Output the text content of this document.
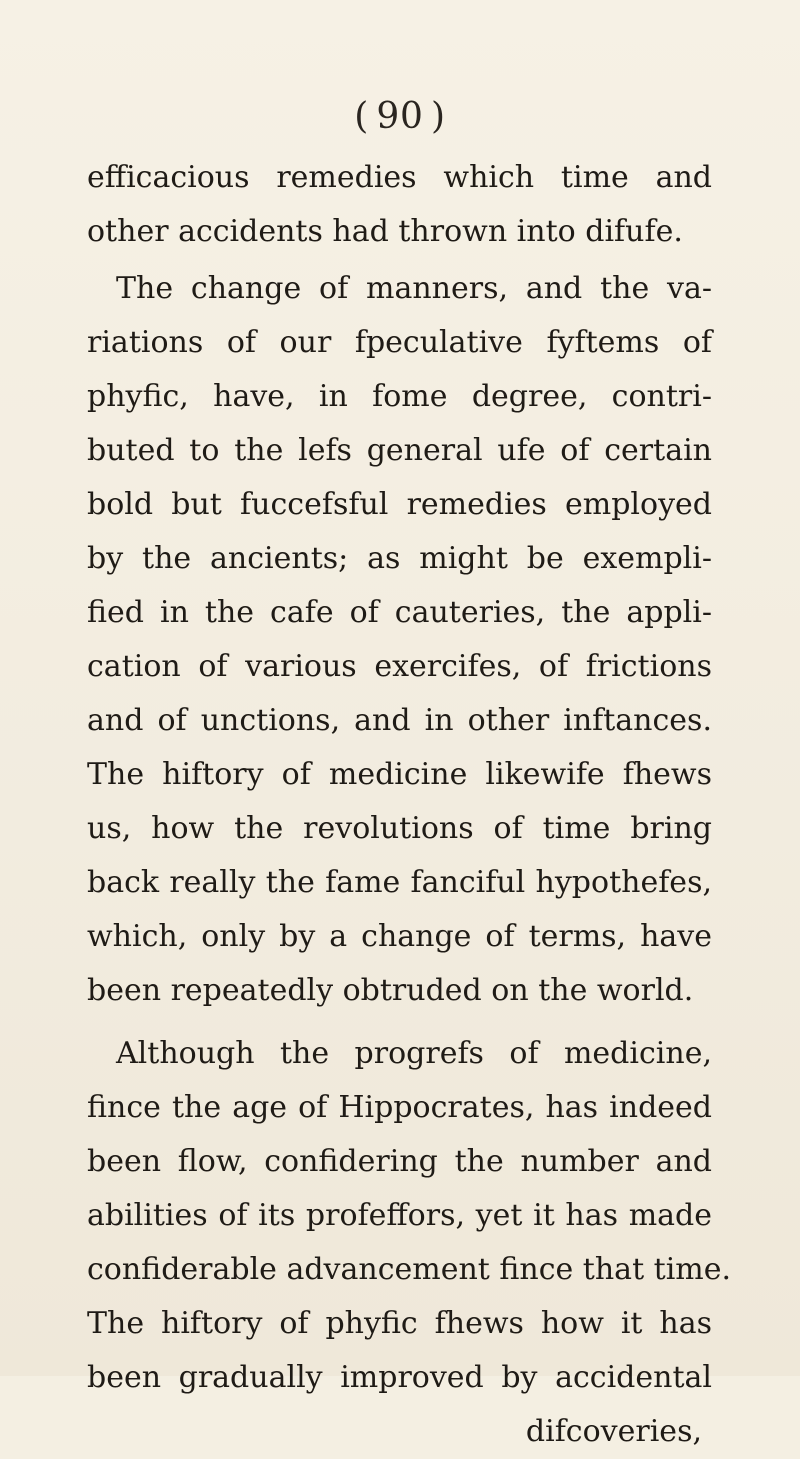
( 90 )
efficacious remedies which time and
other accidents had thrown into difufe.
The change of manners, and the va-
riations of our fpeculative fyftems of
phyfic, have, in fome degree, contri-
buted to the lefs general ufe of certain
bold but fuccefsful remedies employed
by the ancients; as might be exempli-
fied in the cafe of cauteries, the appli-
cation of various exercifes, of frictions
and of unctions, and in other inftances.
The hiftory of medicine likewife fhews
us, how the revolutions of time bring
back really the fame fanciful hypothefes,
which, only by a change of terms, have
been repeatedly obtruded on the world.
Although the progrefs of medicine,
fince the age of Hippocrates, has indeed
been flow, confidering the number and
abilities of its profeffors, yet it has made
confiderable advancement fince that time.
The hiftory of phyfic fhews how it has
been gradually improved by accidental
difcoveries,
